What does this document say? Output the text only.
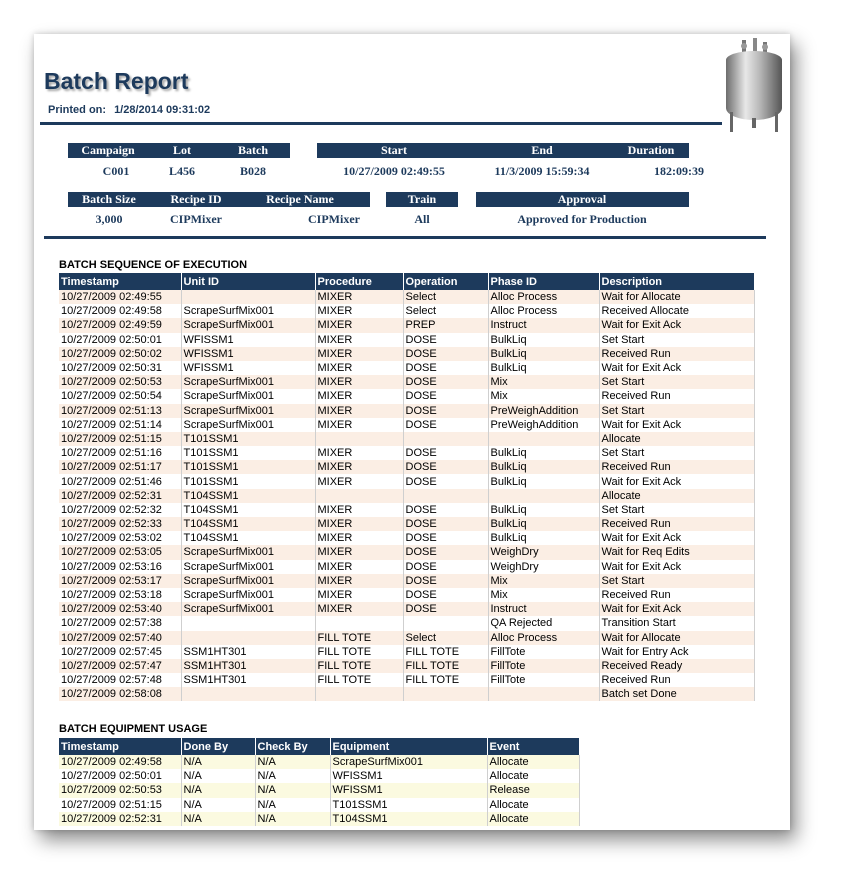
Batch Report
Printed on: 1/28/2014 09:31:02
Campaign	Lot	Batch	Start	End	Duration
C001	L456	B028	10/27/2009 02:49:55	11/3/2009 15:59:34	182:09:39
Batch Size	Recipe ID	Recipe Name	Train	Approval
3,000	CIPMixer	CIPMixer	All	Approved for Production
BATCH SEQUENCE OF EXECUTION
Timestamp	Unit ID	Procedure	Operation	Phase ID	Description
10/27/2009 02:49:55		MIXER	Select	Alloc Process	Wait for Allocate
10/27/2009 02:49:58	ScrapeSurfMix001	MIXER	Select	Alloc Process	Received Allocate
10/27/2009 02:49:59	ScrapeSurfMix001	MIXER	PREP	Instruct	Wait for Exit Ack
10/27/2009 02:50:01	WFISSM1	MIXER	DOSE	BulkLiq	Set Start
10/27/2009 02:50:02	WFISSM1	MIXER	DOSE	BulkLiq	Received Run
10/27/2009 02:50:31	WFISSM1	MIXER	DOSE	BulkLiq	Wait for Exit Ack
10/27/2009 02:50:53	ScrapeSurfMix001	MIXER	DOSE	Mix	Set Start
10/27/2009 02:50:54	ScrapeSurfMix001	MIXER	DOSE	Mix	Received Run
10/27/2009 02:51:13	ScrapeSurfMix001	MIXER	DOSE	PreWeighAddition	Set Start
10/27/2009 02:51:14	ScrapeSurfMix001	MIXER	DOSE	PreWeighAddition	Wait for Exit Ack
10/27/2009 02:51:15	T101SSM1				Allocate
10/27/2009 02:51:16	T101SSM1	MIXER	DOSE	BulkLiq	Set Start
10/27/2009 02:51:17	T101SSM1	MIXER	DOSE	BulkLiq	Received Run
10/27/2009 02:51:46	T101SSM1	MIXER	DOSE	BulkLiq	Wait for Exit Ack
10/27/2009 02:52:31	T104SSM1				Allocate
10/27/2009 02:52:32	T104SSM1	MIXER	DOSE	BulkLiq	Set Start
10/27/2009 02:52:33	T104SSM1	MIXER	DOSE	BulkLiq	Received Run
10/27/2009 02:53:02	T104SSM1	MIXER	DOSE	BulkLiq	Wait for Exit Ack
10/27/2009 02:53:05	ScrapeSurfMix001	MIXER	DOSE	WeighDry	Wait for Req Edits
10/27/2009 02:53:16	ScrapeSurfMix001	MIXER	DOSE	WeighDry	Wait for Exit Ack
10/27/2009 02:53:17	ScrapeSurfMix001	MIXER	DOSE	Mix	Set Start
10/27/2009 02:53:18	ScrapeSurfMix001	MIXER	DOSE	Mix	Received Run
10/27/2009 02:53:40	ScrapeSurfMix001	MIXER	DOSE	Instruct	Wait for Exit Ack
10/27/2009 02:57:38				QA Rejected	Transition Start
10/27/2009 02:57:40		FILL TOTE	Select	Alloc Process	Wait for Allocate
10/27/2009 02:57:45	SSM1HT301	FILL TOTE	FILL TOTE	FillTote	Wait for Entry Ack
10/27/2009 02:57:47	SSM1HT301	FILL TOTE	FILL TOTE	FillTote	Received Ready
10/27/2009 02:57:48	SSM1HT301	FILL TOTE	FILL TOTE	FillTote	Received Run
10/27/2009 02:58:08					Batch set Done
BATCH EQUIPMENT USAGE
Timestamp	Done By	Check By	Equipment	Event
10/27/2009 02:49:58	N/A	N/A	ScrapeSurfMix001	Allocate
10/27/2009 02:50:01	N/A	N/A	WFISSM1	Allocate
10/27/2009 02:50:53	N/A	N/A	WFISSM1	Release
10/27/2009 02:51:15	N/A	N/A	T101SSM1	Allocate
10/27/2009 02:52:31	N/A	N/A	T104SSM1	Allocate
